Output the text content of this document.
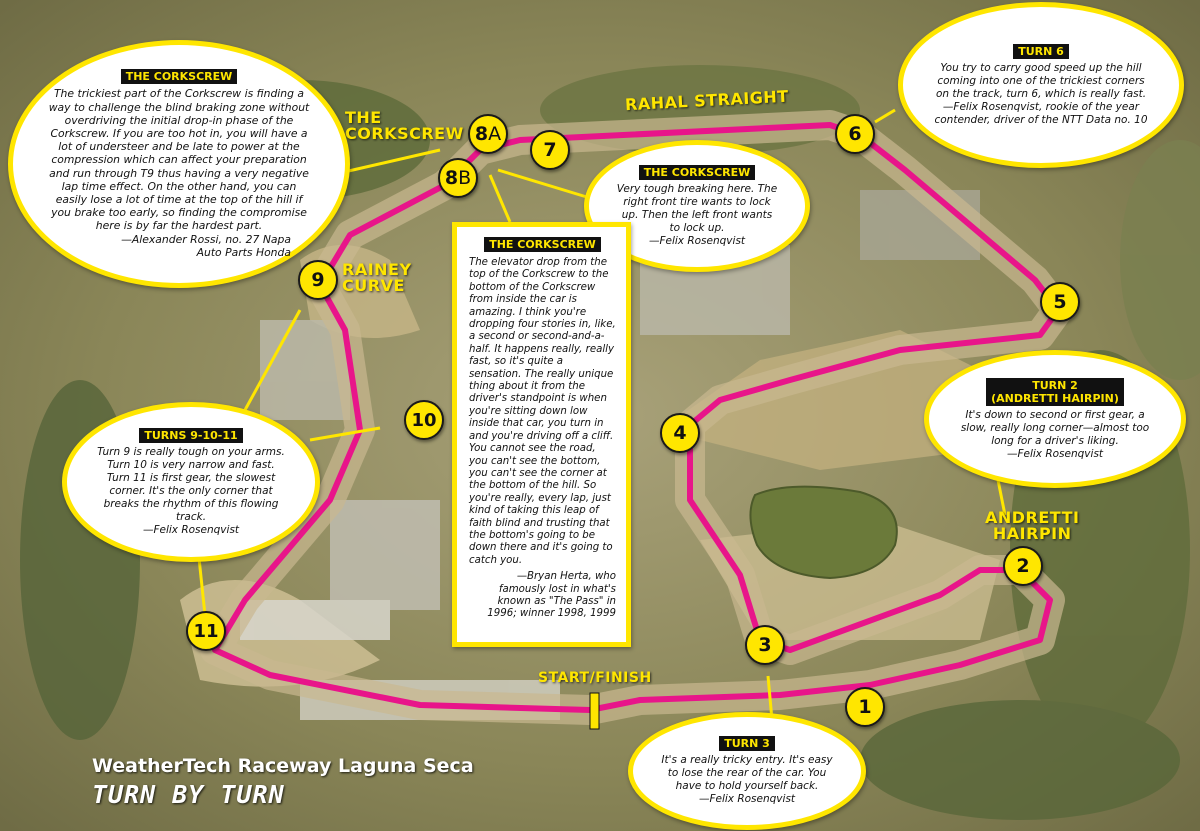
1
2
3
4
5
6
7
8 A
8 B
9
10
11
THE
CORKSCREW
RAHAL STRAIGHT
RAINEY
CURVE
ANDRETTI
HAIRPIN
START/FINISH
THE CORKSCREW
The trickiest part of the Corkscrew is finding a way to challenge the blind braking zone without overdriving the initial drop-in phase of the Corkscrew. If you are too hot in, you will have a lot of understeer and be late to power at the compression which can affect your preparation and run through T9 thus having a very negative lap time effect. On the other hand, you can easily lose a lot of time at the top of the hill if you brake too early, so finding the compromise here is by far the hardest part.
—Alexander Rossi, no. 27 Napa Auto Parts Honda
TURN 6
You try to carry good speed up the hill coming into one of the trickiest corners on the track, turn 6, which is really fast.
—Felix Rosenqvist, rookie of the year contender, driver of the NTT Data no. 10
THE CORKSCREW
Very tough breaking here. The right front tire wants to lock up. Then the left front wants to lock up.
—Felix Rosenqvist
THE CORKSCREW
The elevator drop from the top of the Corkscrew to the bottom of the Corkscrew from inside the car is amazing. I think you're dropping four stories in, like, a second or second-and-a-half. It happens really, really fast, so it's quite a sensation. The really unique thing about it from the driver's standpoint is when you're sitting down low inside that car, you turn in and you're driving off a cliff. You cannot see the road, you can't see the bottom, you can't see the corner at the bottom of the hill. So you're really, every lap, just kind of taking this leap of faith blind and trusting that the bottom's going to be down there and it's going to catch you.
—Bryan Herta, who famously lost in what's known as "The Pass" in 1996; winner 1998, 1999
TURNS 9-10-11
Turn 9 is really tough on your arms. Turn 10 is very narrow and fast. Turn 11 is first gear, the slowest corner. It's the only corner that breaks the rhythm of this flowing track.
—Felix Rosenqvist
TURN 2
(ANDRETTI HAIRPIN)
It's down to second or first gear, a slow, really long corner—almost too long for a driver's liking.
—Felix Rosenqvist
TURN 3
It's a really tricky entry. It's easy to lose the rear of the car. You have to hold yourself back.
—Felix Rosenqvist
WeatherTech Raceway Laguna Seca
TURN BY TURN
